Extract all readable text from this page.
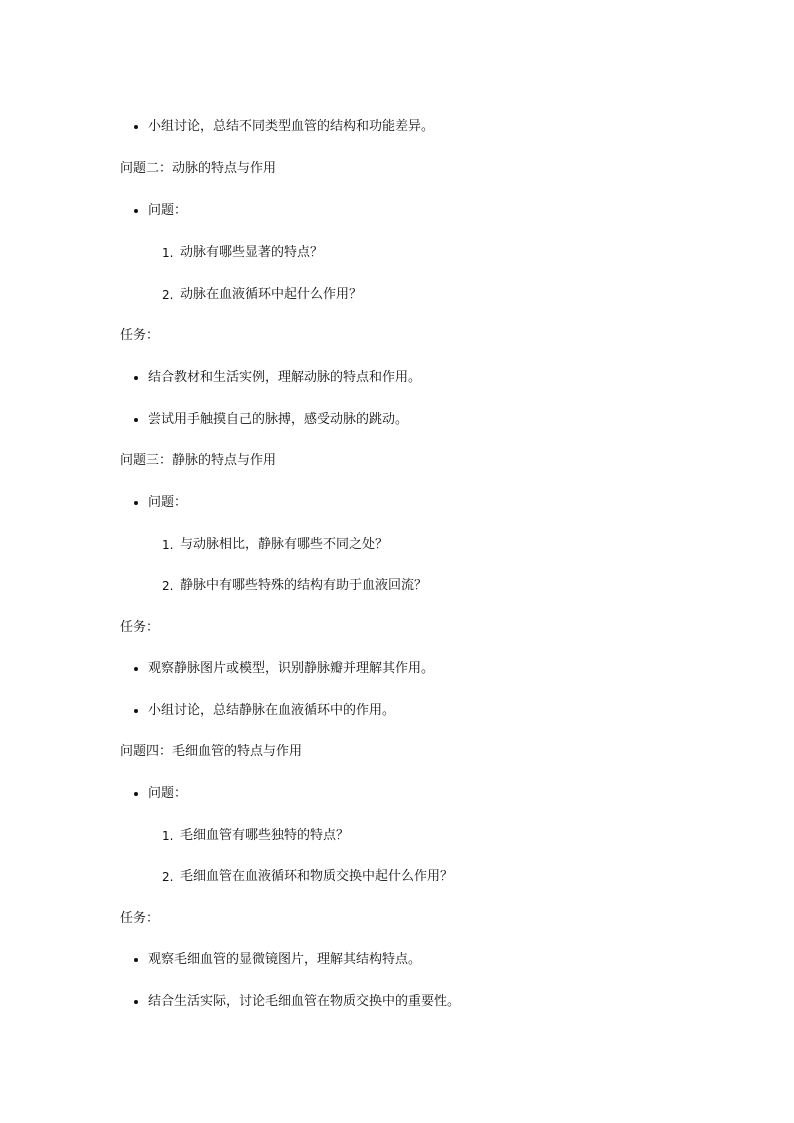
小组讨论，总结不同类型血管的结构和功能差异。
问题二：动脉的特点与作用
问题：
1. 动脉有哪些显著的特点？
2. 动脉在血液循环中起什么作用？
任务：
结合教材和生活实例，理解动脉的特点和作用。
尝试用手触摸自己的脉搏，感受动脉的跳动。
问题三：静脉的特点与作用
问题：
1. 与动脉相比，静脉有哪些不同之处？
2. 静脉中有哪些特殊的结构有助于血液回流？
任务：
观察静脉图片或模型，识别静脉瓣并理解其作用。
小组讨论，总结静脉在血液循环中的作用。
问题四：毛细血管的特点与作用
问题：
1. 毛细血管有哪些独特的特点？
2. 毛细血管在血液循环和物质交换中起什么作用？
任务：
观察毛细血管的显微镜图片，理解其结构特点。
结合生活实际，讨论毛细血管在物质交换中的重要性。
